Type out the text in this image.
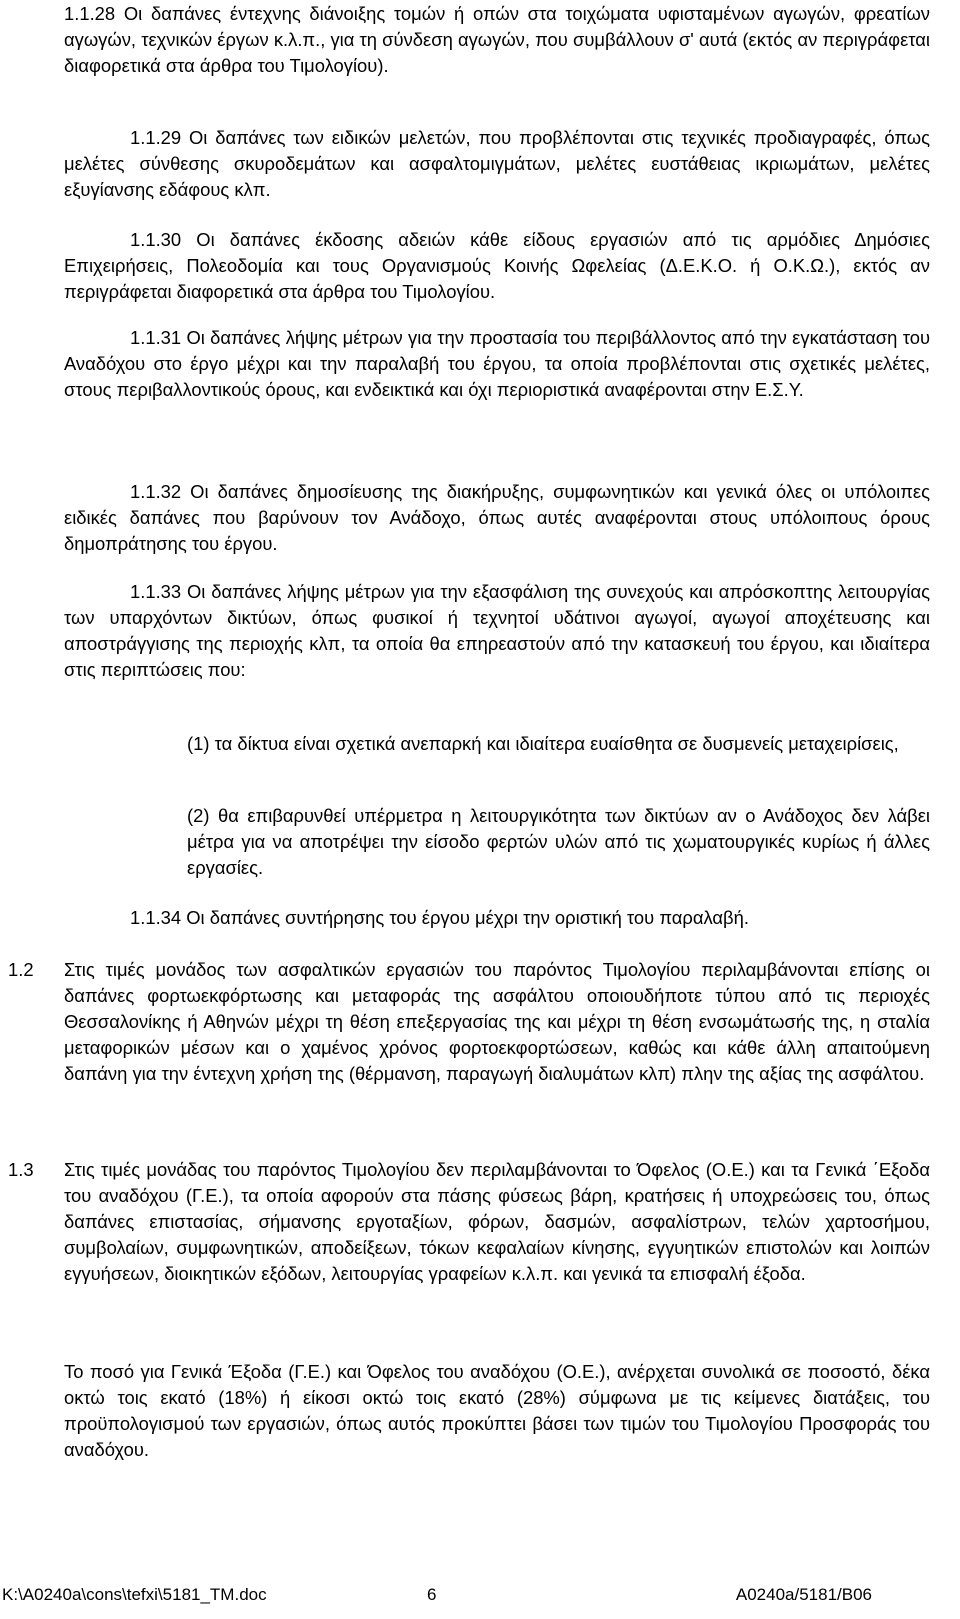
1.1.28 Οι δαπάνες έντεχνης διάνοιξης τομών ή οπών στα τοιχώματα υφισταμένων αγωγών, φρεατίων αγωγών, τεχνικών έργων κ.λ.π., για τη σύνδεση αγωγών, που συμβάλλουν σ' αυτά (εκτός αν περιγράφεται διαφορετικά στα άρθρα του Τιμολογίου).

1.1.29 Οι δαπάνες των ειδικών μελετών, που προβλέπονται στις τεχνικές προδιαγραφές, όπως μελέτες σύνθεσης σκυροδεμάτων και ασφαλτομιγμάτων, μελέτες ευστάθειας ικριωμάτων, μελέτες εξυγίανσης εδάφους κλπ.

1.1.30 Οι δαπάνες έκδοσης αδειών κάθε είδους εργασιών από τις αρμόδιες Δημόσιες Επιχειρήσεις, Πολεοδομία και τους Οργανισμούς Κοινής Ωφελείας (Δ.Ε.Κ.Ο. ή Ο.Κ.Ω.), εκτός αν περιγράφεται διαφορετικά στα άρθρα του Τιμολογίου.

1.1.31 Οι δαπάνες λήψης μέτρων για την προστασία του περιβάλλοντος από την εγκατάσταση του Αναδόχου στο έργο μέχρι και την παραλαβή του έργου, τα οποία προβλέπονται στις σχετικές μελέτες, στους περιβαλλοντικούς όρους, και ενδεικτικά και όχι περιοριστικά αναφέρονται στην Ε.Σ.Υ.

1.1.32 Οι δαπάνες δημοσίευσης της διακήρυξης, συμφωνητικών και γενικά όλες οι υπόλοιπες ειδικές δαπάνες που βαρύνουν τον Ανάδοχο, όπως αυτές αναφέρονται στους υπόλοιπους όρους δημοπράτησης του έργου.

1.1.33 Οι δαπάνες λήψης μέτρων για την εξασφάλιση της συνεχούς και απρόσκοπτης λειτουργίας των υπαρχόντων δικτύων, όπως φυσικοί ή τεχνητοί υδάτινοι αγωγοί, αγωγοί αποχέτευσης και αποστράγγισης της περιοχής κλπ, τα οποία θα επηρεαστούν από την κατασκευή του έργου, και ιδιαίτερα στις περιπτώσεις που:

(1) τα δίκτυα είναι σχετικά ανεπαρκή και ιδιαίτερα ευαίσθητα σε δυσμενείς μεταχειρίσεις,

(2) θα επιβαρυνθεί υπέρμετρα η λειτουργικότητα των δικτύων αν ο Ανάδοχος δεν λάβει μέτρα για να αποτρέψει την είσοδο φερτών υλών από τις χωματουργικές κυρίως ή άλλες εργασίες.

1.1.34 Οι δαπάνες συντήρησης του έργου μέχρι την οριστική του παραλαβή.

1.2 Στις τιμές μονάδος των ασφαλτικών εργασιών του παρόντος Τιμολογίου περιλαμβάνονται επίσης οι δαπάνες φορτωεκφόρτωσης και μεταφοράς της ασφάλτου οποιουδήποτε τύπου από τις περιοχές Θεσσαλονίκης ή Αθηνών μέχρι τη θέση επεξεργασίας της και μέχρι τη θέση ενσωμάτωσής της, η σταλία μεταφορικών μέσων και ο χαμένος χρόνος φορτοεκφορτώσεων, καθώς και κάθε άλλη απαιτούμενη δαπάνη για την έντεχνη χρήση της (θέρμανση, παραγωγή διαλυμάτων κλπ) πλην της αξίας της ασφάλτου.

1.3 Στις τιμές μονάδας του παρόντος Τιμολογίου δεν περιλαμβάνονται το Όφελος (Ο.Ε.) και τα Γενικά ΄Εξοδα του αναδόχου (Γ.Ε.), τα οποία αφορούν στα πάσης φύσεως βάρη, κρατήσεις ή υποχρεώσεις του, όπως δαπάνες επιστασίας, σήμανσης εργοταξίων, φόρων, δασμών, ασφαλίστρων, τελών χαρτοσήμου, συμβολαίων, συμφωνητικών, αποδείξεων, τόκων κεφαλαίων κίνησης, εγγυητικών επιστολών και λοιπών εγγυήσεων, διοικητικών εξόδων, λειτουργίας γραφείων κ.λ.π. και γενικά τα επισφαλή έξοδα.

Το ποσό για Γενικά Έξοδα (Γ.Ε.) και Όφελος του αναδόχου (Ο.Ε.), ανέρχεται συνολικά σε ποσοστό, δέκα οκτώ τοις εκατό (18%) ή είκοσι οκτώ τοις εκατό (28%) σύμφωνα με τις κείμενες διατάξεις, του προϋπολογισμού των εργασιών, όπως αυτός προκύπτει βάσει των τιμών του Τιμολογίου Προσφοράς του αναδόχου.

K:\A0240a\cons\tefxi\5181_TM.doc	6	A0240a/5181/B06
